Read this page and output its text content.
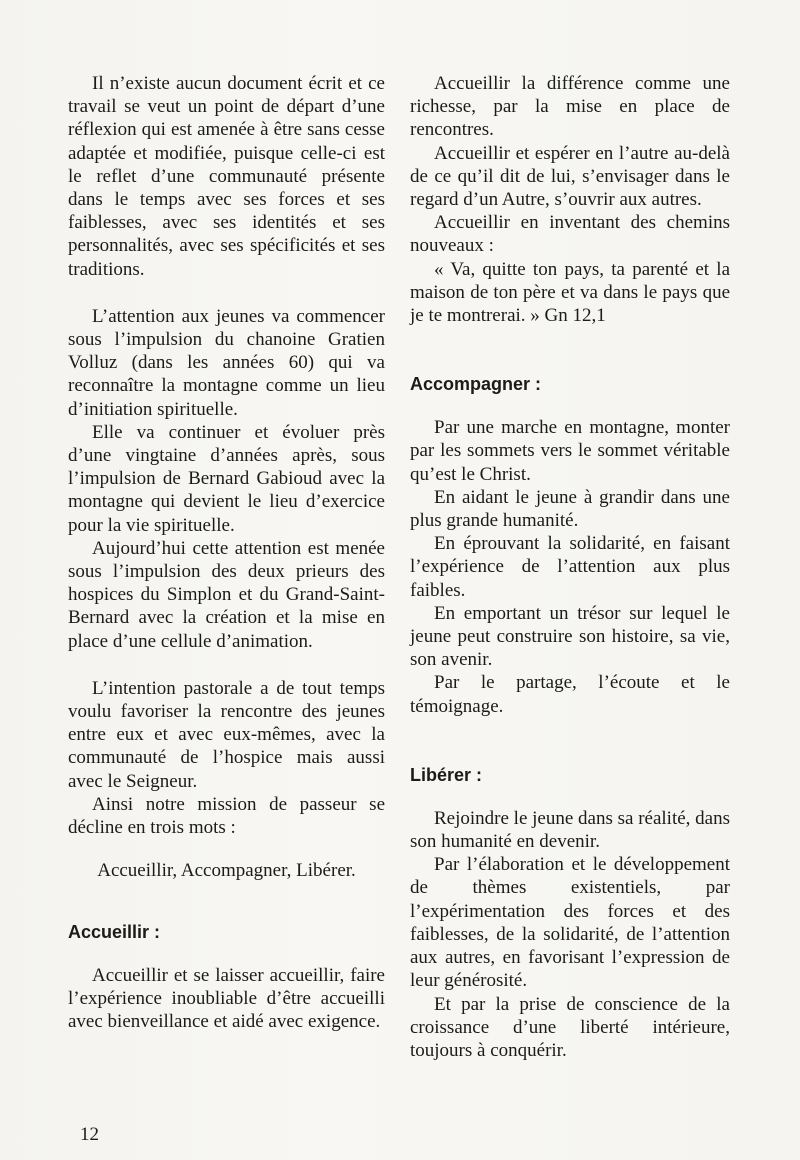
Il n’existe aucun document écrit et ce travail se veut un point de départ d’une réflexion qui est amenée à être sans cesse adaptée et modifiée, puisque celle-ci est le reflet d’une communauté présente dans le temps avec ses forces et ses faiblesses, avec ses identités et ses personnalités, avec ses spécificités et ses traditions.

L’attention aux jeunes va commencer sous l’impulsion du chanoine Gratien Volluz (dans les années 60) qui va reconnaître la montagne comme un lieu d’initiation spirituelle.

Elle va continuer et évoluer près d’une vingtaine d’années après, sous l’impulsion de Bernard Gabioud avec la montagne qui devient le lieu d’exercice pour la vie spirituelle.

Aujourd’hui cette attention est menée sous l’impulsion des deux prieurs des hospices du Simplon et du Grand-Saint-Bernard avec la création et la mise en place d’une cellule d’animation.

L’intention pastorale a de tout temps voulu favoriser la rencontre des jeunes entre eux et avec eux-mêmes, avec la communauté de l’hospice mais aussi avec le Seigneur.

Ainsi notre mission de passeur se décline en trois mots :

Accueillir, Accompagner, Libérer.

Accueillir :

Accueillir et se laisser accueillir, faire l’expérience inoubliable d’être accueilli avec bienveillance et aidé avec exigence.

Accueillir la différence comme une richesse, par la mise en place de rencontres.

Accueillir et espérer en l’autre au-delà de ce qu’il dit de lui, s’envisager dans le regard d’un Autre, s’ouvrir aux autres.

Accueillir en inventant des chemins nouveaux :

« Va, quitte ton pays, ta parenté et la maison de ton père et va dans le pays que je te montrerai. » Gn 12,1

Accompagner :

Par une marche en montagne, monter par les sommets vers le sommet véritable qu’est le Christ.

En aidant le jeune à grandir dans une plus grande humanité.

En éprouvant la solidarité, en faisant l’expérience de l’attention aux plus faibles.

En emportant un trésor sur lequel le jeune peut construire son histoire, sa vie, son avenir.

Par le partage, l’écoute et le témoignage.

Libérer :

Rejoindre le jeune dans sa réalité, dans son humanité en devenir.

Par l’élaboration et le développement de thèmes existentiels, par l’expérimentation des forces et des faiblesses, de la solidarité, de l’attention aux autres, en favorisant l’expression de leur générosité.

Et par la prise de conscience de la croissance d’une liberté intérieure, toujours à conquérir.

12
